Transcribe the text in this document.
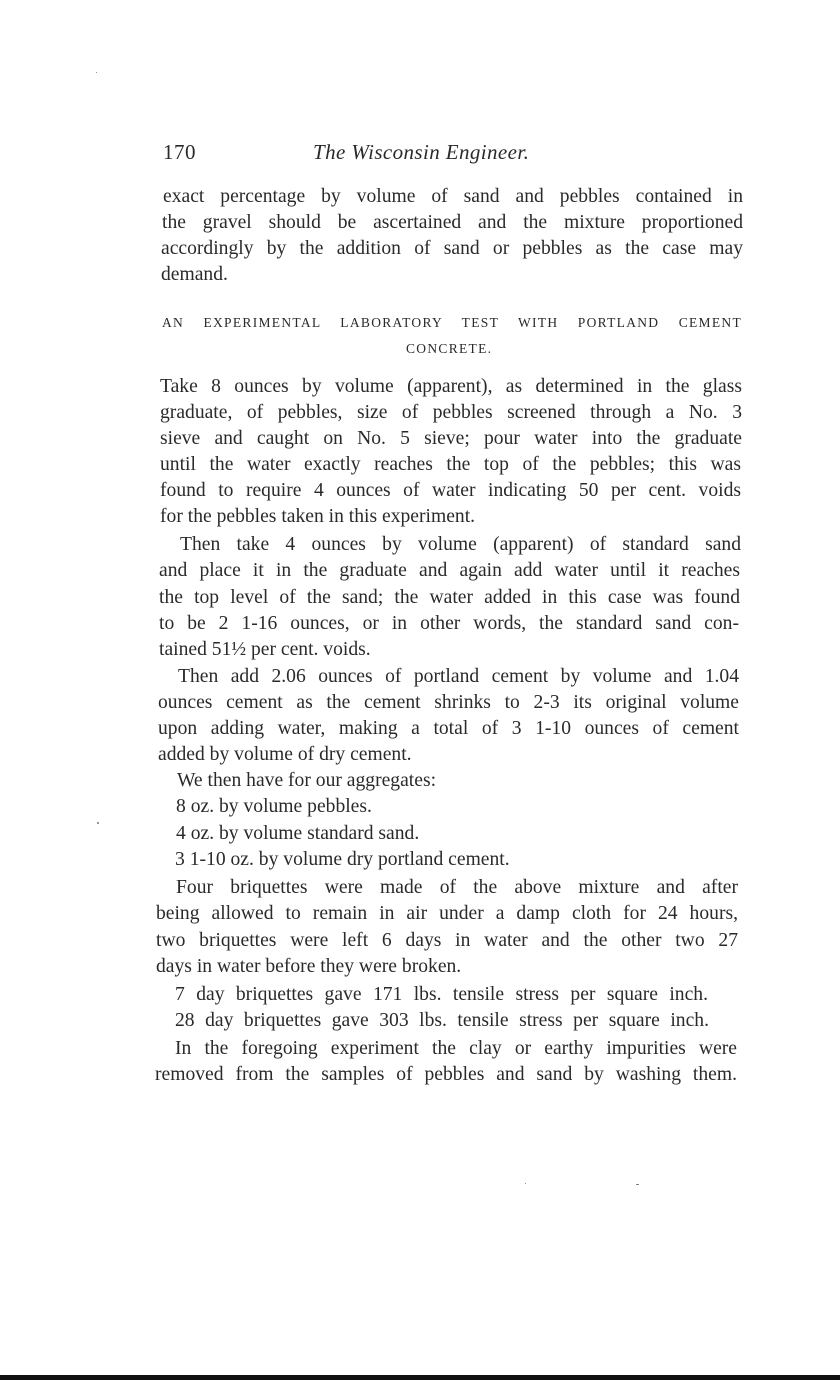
170	The Wisconsin Engineer.
exact percentage by volume of sand and pebbles contained in
the gravel should be ascertained and the mixture proportioned
accordingly by the addition of sand or pebbles as the case may
demand.
AN EXPERIMENTAL LABORATORY TEST WITH PORTLAND CEMENT
CONCRETE.
Take 8 ounces by volume (apparent), as determined in the glass
graduate, of pebbles, size of pebbles screened through a No. 3
sieve and caught on No. 5 sieve; pour water into the graduate
until the water exactly reaches the top of the pebbles; this was
found to require 4 ounces of water indicating 50 per cent. voids
for the pebbles taken in this experiment.
Then take 4 ounces by volume (apparent) of standard sand
and place it in the graduate and again add water until it reaches
the top level of the sand; the water added in this case was found
to be 2 1-16 ounces, or in other words, the standard sand con-
tained 51½ per cent. voids.
Then add 2.06 ounces of portland cement by volume and 1.04
ounces cement as the cement shrinks to 2-3 its original volume
upon adding water, making a total of 3 1-10 ounces of cement
added by volume of dry cement.
We then have for our aggregates:
8 oz. by volume pebbles.
4 oz. by volume standard sand.
3 1-10 oz. by volume dry portland cement.
Four briquettes were made of the above mixture and after
being allowed to remain in air under a damp cloth for 24 hours,
two briquettes were left 6 days in water and the other two 27
days in water before they were broken.
7 day briquettes gave 171 lbs. tensile stress per square inch.
28 day briquettes gave 303 lbs. tensile stress per square inch.
In the foregoing experiment the clay or earthy impurities were
removed from the samples of pebbles and sand by washing them.
